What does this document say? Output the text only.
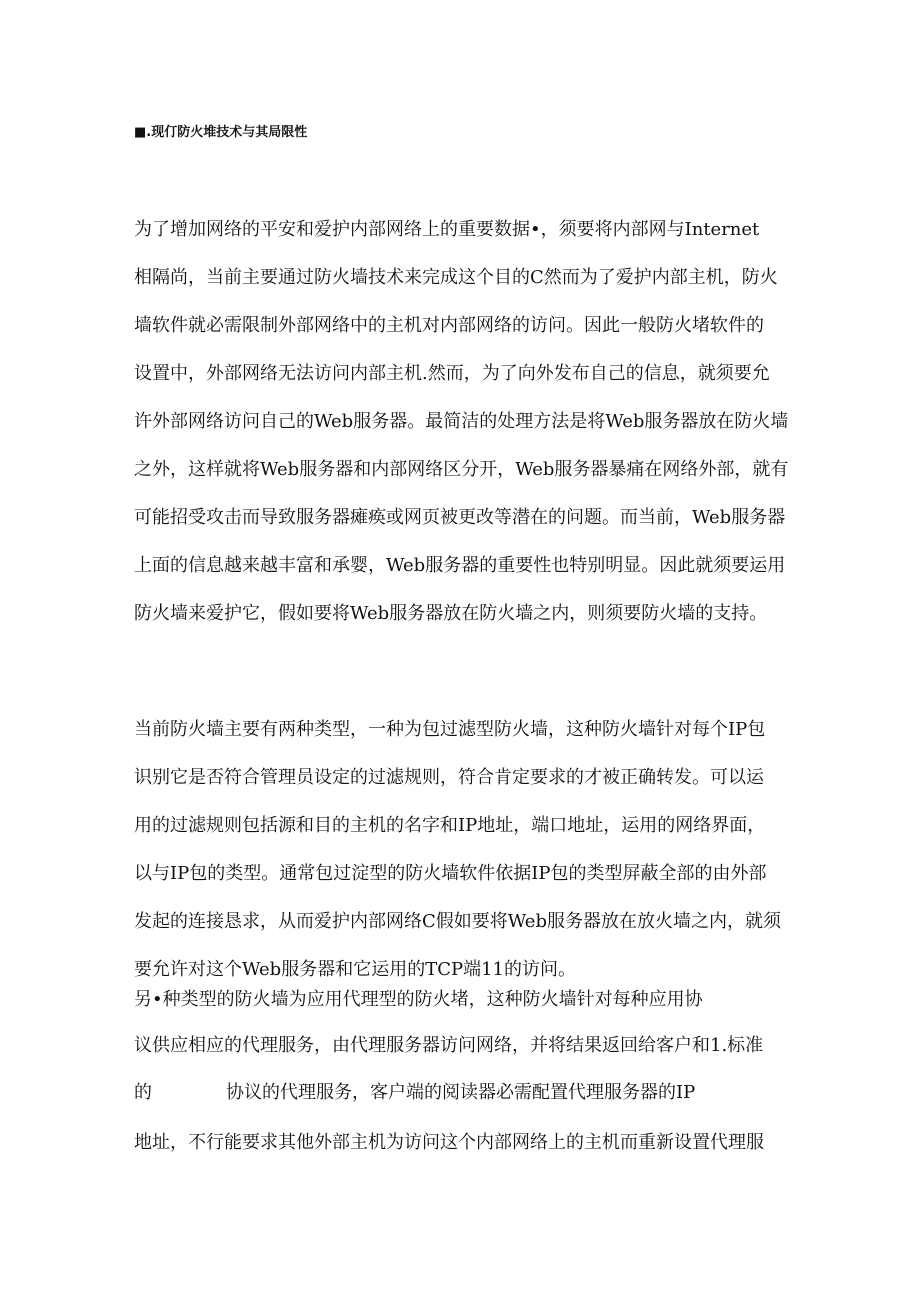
■.现仃防火堆技术与其局限性
为了增加网络的平安和爱护内部网络上的重要数据•，须要将内部网与Internet
相隔尚，当前主要通过防火墙技术来完成这个目的C然而为了爱护内部主机，防火
墙软件就必需限制外部网络中的主机对内部网络的访问。因此一般防火堵软件的
设置中，外部网络无法访问内部主机.然而，为了向外发布自己的信息，就须要允
许外部网络访问自己的Web服务器。最简洁的处理方法是将Web服务器放在防火墙
之外，这样就将Web服务器和内部网络区分开，Web服务器暴痛在网络外部，就有
可能招受攻击而导致服务器瘫痪或网页被更改等潜在的问题。而当前，Web服务器
上面的信息越来越丰富和承婴，Web服务器的重要性也特别明显。因此就须要运用
防火墙来爱护它，假如要将Web服务器放在防火墙之内，则须要防火墙的支持。
当前防火墙主要有两种类型，一种为包过滤型防火墙，这种防火墙针对每个IP包
识别它是否符合管理员设定的过滤规则，符合肯定要求的才被正确转发。可以运
用的过滤规则包括源和目的主机的名字和IP地址，端口地址，运用的网络界面，
以与IP包的类型。通常包过淀型的防火墙软件依据IP包的类型屏蔽全部的由外部
发起的连接恳求，从而爱护内部网络C假如要将Web服务器放在放火墙之内，就须
要允许对这个Web服务器和它运用的TCP端11的访问。
另•种类型的防火墙为应用代理型的防火堵，这种防火墙针对每种应用协
议供应相应的代理服务，由代理服务器访问网络，并将结果返回给客户和1.标准
的	协议的代理服务，客户端的阅读器必需配置代理服务器的IP
地址，不行能要求其他外部主机为访问这个内部网络上的主机而重新设置代理服
